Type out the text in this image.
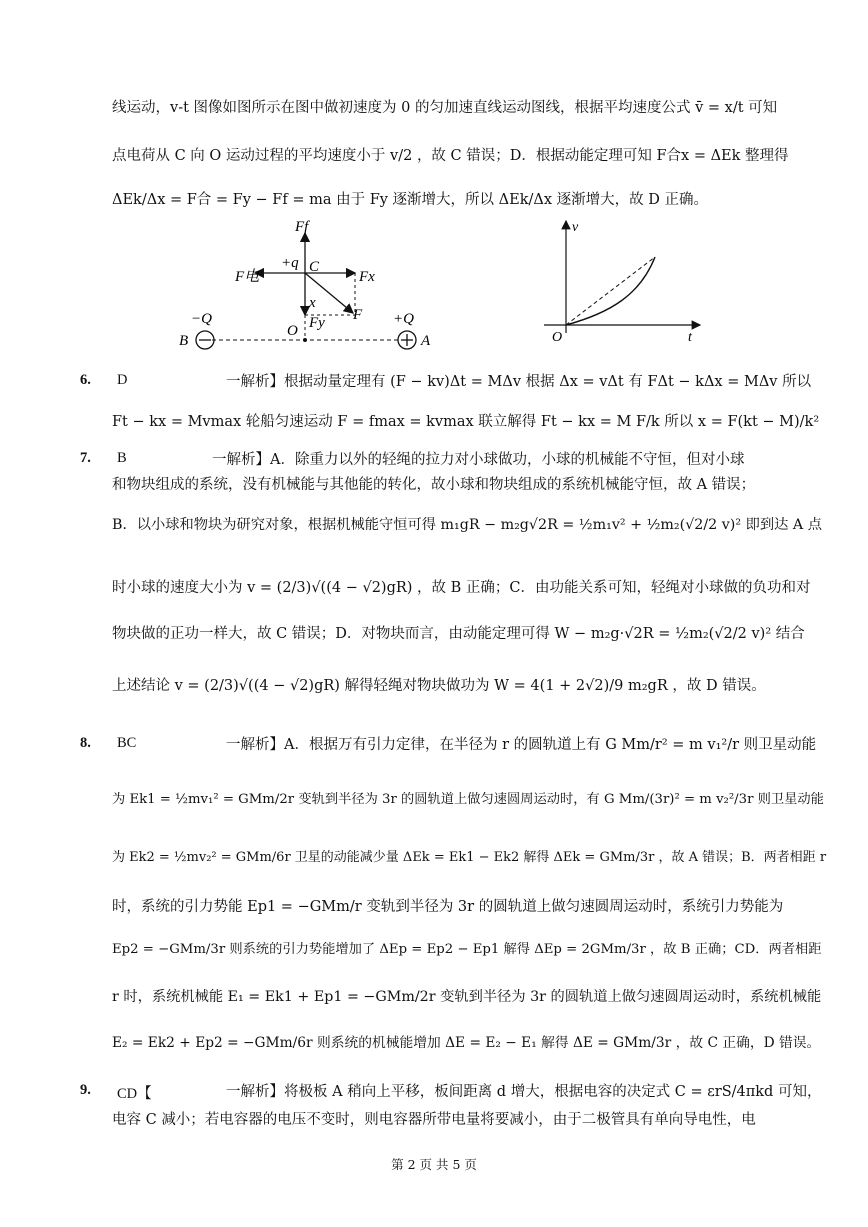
线运动，v-t 图像如图所示在图中做初速度为 0 的匀加速直线运动图线，根据平均速度公式 v̄ = x/t 可知
点电荷从 C 向 O 运动过程的平均速度小于 v/2 ，故 C 错误；D．根据动能定理可知 F合x = ΔEk 整理得
ΔEk/Δx = F合 = Fy − Ff = ma 由于 Fy 逐渐增大，所以 ΔEk/Δx 逐渐增大，故 D 正确。
Ff
+q C
F电	Fx
x
Fy F
O
−Q	+Q
B	A
v
t
O
6. D	一解析】根据动量定理有 (F − kv)Δt = MΔv 根据 Δx = vΔt 有 FΔt − kΔx = MΔv 所以
Ft − kx = Mvmax 轮船匀速运动 F = fmax = kvmax 联立解得 Ft − kx = M F/k 所以 x = F(kt − M)/k²
7. B	一解析】A．除重力以外的轻绳的拉力对小球做功，小球的机械能不守恒，但对小球
和物块组成的系统，没有机械能与其他能的转化，故小球和物块组成的系统机械能守恒，故 A 错误；
B．以小球和物块为研究对象，根据机械能守恒可得 m₁gR − m₂g√2R = ½m₁v² + ½m₂(√2/2 v)² 即到达 A 点
时小球的速度大小为 v = (2/3)√((4 − √2)gR) ，故 B 正确；C．由功能关系可知，轻绳对小球做的负功和对
物块做的正功一样大，故 C 错误；D．对物块而言，由动能定理可得 W − m₂g·√2R = ½m₂(√2/2 v)² 结合
上述结论 v = (2/3)√((4 − √2)gR) 解得轻绳对物块做功为 W = 4(1 + 2√2)/9 m₂gR ，故 D 错误。
8. BC	一解析】A．根据万有引力定律，在半径为 r 的圆轨道上有 G Mm/r² = m v₁²/r 则卫星动能
为 Ek1 = ½mv₁² = GMm/2r 变轨到半径为 3r 的圆轨道上做匀速圆周运动时，有 G Mm/(3r)² = m v₂²/3r 则卫星动能
为 Ek2 = ½mv₂² = GMm/6r 卫星的动能减少量 ΔEk = Ek1 − Ek2 解得 ΔEk = GMm/3r ，故 A 错误；B．两者相距 r
时，系统的引力势能 Ep1 = −GMm/r 变轨到半径为 3r 的圆轨道上做匀速圆周运动时，系统引力势能为
Ep2 = −GMm/3r 则系统的引力势能增加了 ΔEp = Ep2 − Ep1 解得 ΔEp = 2GMm/3r ，故 B 正确；CD．两者相距
r 时，系统机械能 E₁ = Ek1 + Ep1 = −GMm/2r 变轨到半径为 3r 的圆轨道上做匀速圆周运动时，系统机械能
E₂ = Ek2 + Ep2 = −GMm/6r 则系统的机械能增加 ΔE = E₂ − E₁ 解得 ΔE = GMm/3r ，故 C 正确，D 错误。
9. CD【	一解析】将极板 A 稍向上平移，板间距离 d 增大，根据电容的决定式 C = εrS/4πkd 可知，
电容 C 减小；若电容器的电压不变时，则电容器所带电量将要减小，由于二极管具有单向导电性，电
第 2 页 共 5 页
